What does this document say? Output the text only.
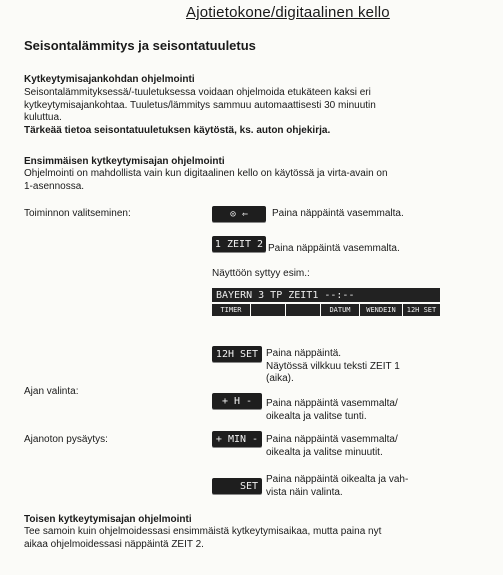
Ajotietokone/digitaalinen kello
Seisontalämmitys ja seisontatuuletus
Kytkeytymisajankohdan ohjelmointi
Seisontalämmityksessä/-tuuletuksessa voidaan ohjelmoida etukäteen kaksi eri
kytkeytymisajankohtaa. Tuuletus/lämmitys sammuu automaattisesti 30 minuutin
kuluttua.
Tärkeää tietoa seisontatuuletuksen käytöstä, ks. auton ohjekirja.
Ensimmäisen kytkeytymisajan ohjelmointi
Ohjelmointi on mahdollista vain kun digitaalinen kello on käytössä ja virta-avain on
1-asennossa.
Toiminnon valitseminen:	⊙ ⇐	Paina näppäintä vasemmalta.
1 ZEIT 2 Paina näppäintä vasemmalta.
Näyttöön syttyy esim.:
BAYERN 3 TP ZEIT1 --:--
TIMER	DATUM	WENDEIN	12H SET
12H SET Paina näppäintä.
Näytössä vilkkuu teksti ZEIT 1
(aika).
Ajan valinta:
+ H -	Paina näppäintä vasemmalta/
oikealta ja valitse tunti.
Ajanoton pysäytys:	+ MIN - Paina näppäintä vasemmalta/
oikealta ja valitse minuutit.
SET
Paina näppäintä oikealta ja vah-
vista näin valinta.
Toisen kytkeytymisajan ohjelmointi
Tee samoin kuin ohjelmoidessasi ensimmäistä kytkeytymisaikaa, mutta paina nyt
aikaa ohjelmoidessasi näppäintä ZEIT 2.
